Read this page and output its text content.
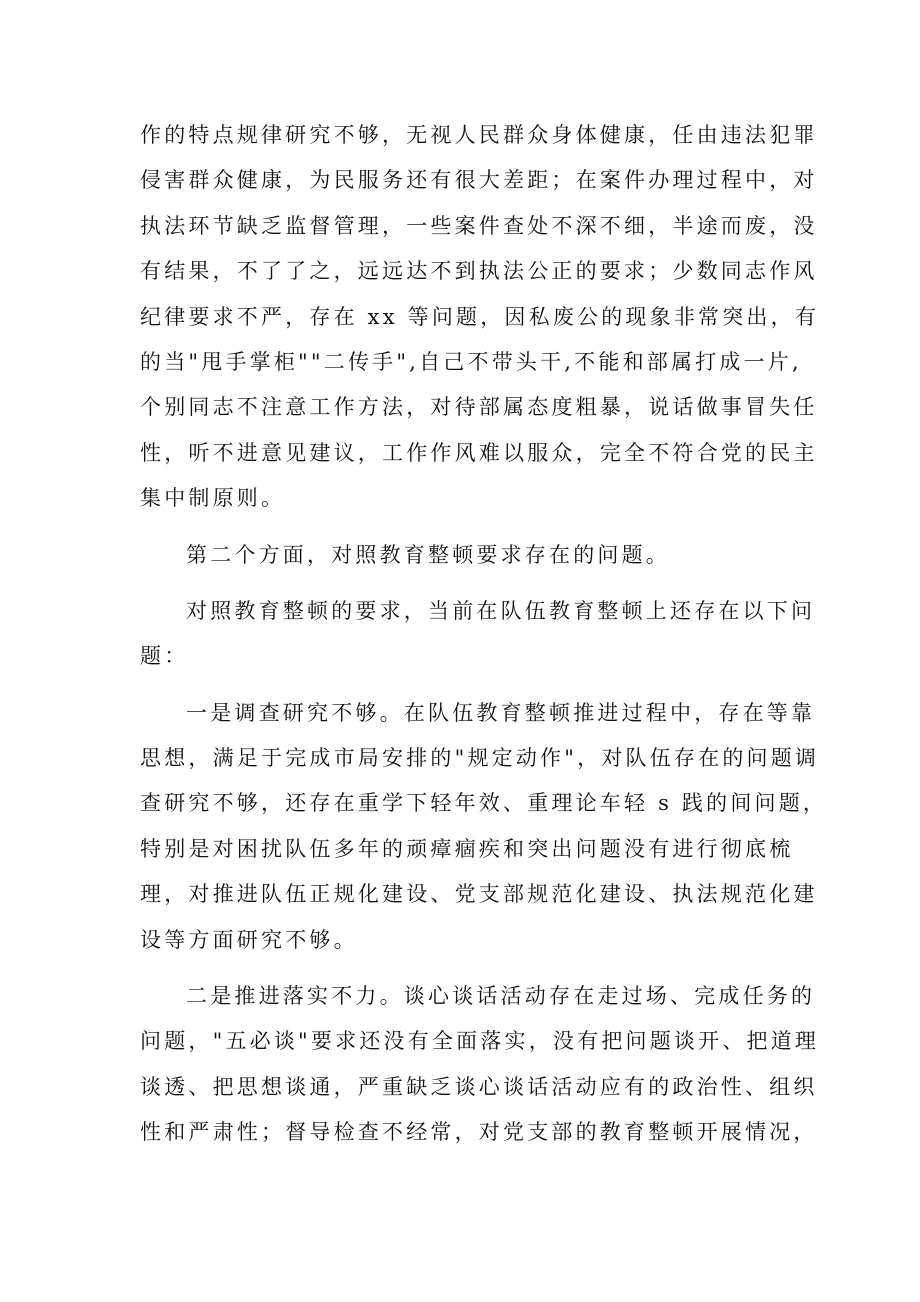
作的特点规律研究不够，无视人民群众身体健康，任由违法犯罪
侵害群众健康，为民服务还有很大差距；在案件办理过程中，对
执法环节缺乏监督管理，一些案件查处不深不细，半途而废，没
有结果，不了了之，远远达不到执法公正的要求；少数同志作风
纪律要求不严，存在 xx 等问题，因私废公的现象非常突出，有
的当"甩手掌柜""二传手",自己不带头干,不能和部属打成一片,
个别同志不注意工作方法，对待部属态度粗暴，说话做事冒失任
性，听不进意见建议，工作作风难以服众，完全不符合党的民主
集中制原则。
第二个方面，对照教育整顿要求存在的问题。
对照教育整顿的要求，当前在队伍教育整顿上还存在以下问
题：
一是调查研究不够。在队伍教育整顿推进过程中，存在等靠
思想，满足于完成市局安排的"规定动作"，对队伍存在的问题调
查研究不够，还存在重学下轻年效、重理论车轻 s 践的间问题，
特别是对困扰队伍多年的顽瘴痼疾和突出问题没有进行彻底梳
理，对推进队伍正规化建设、党支部规范化建设、执法规范化建
设等方面研究不够。
二是推进落实不力。谈心谈话活动存在走过场、完成任务的
问题，"五必谈"要求还没有全面落实，没有把问题谈开、把道理
谈透、把思想谈通，严重缺乏谈心谈话活动应有的政治性、组织
性和严肃性；督导检查不经常，对党支部的教育整顿开展情况，
